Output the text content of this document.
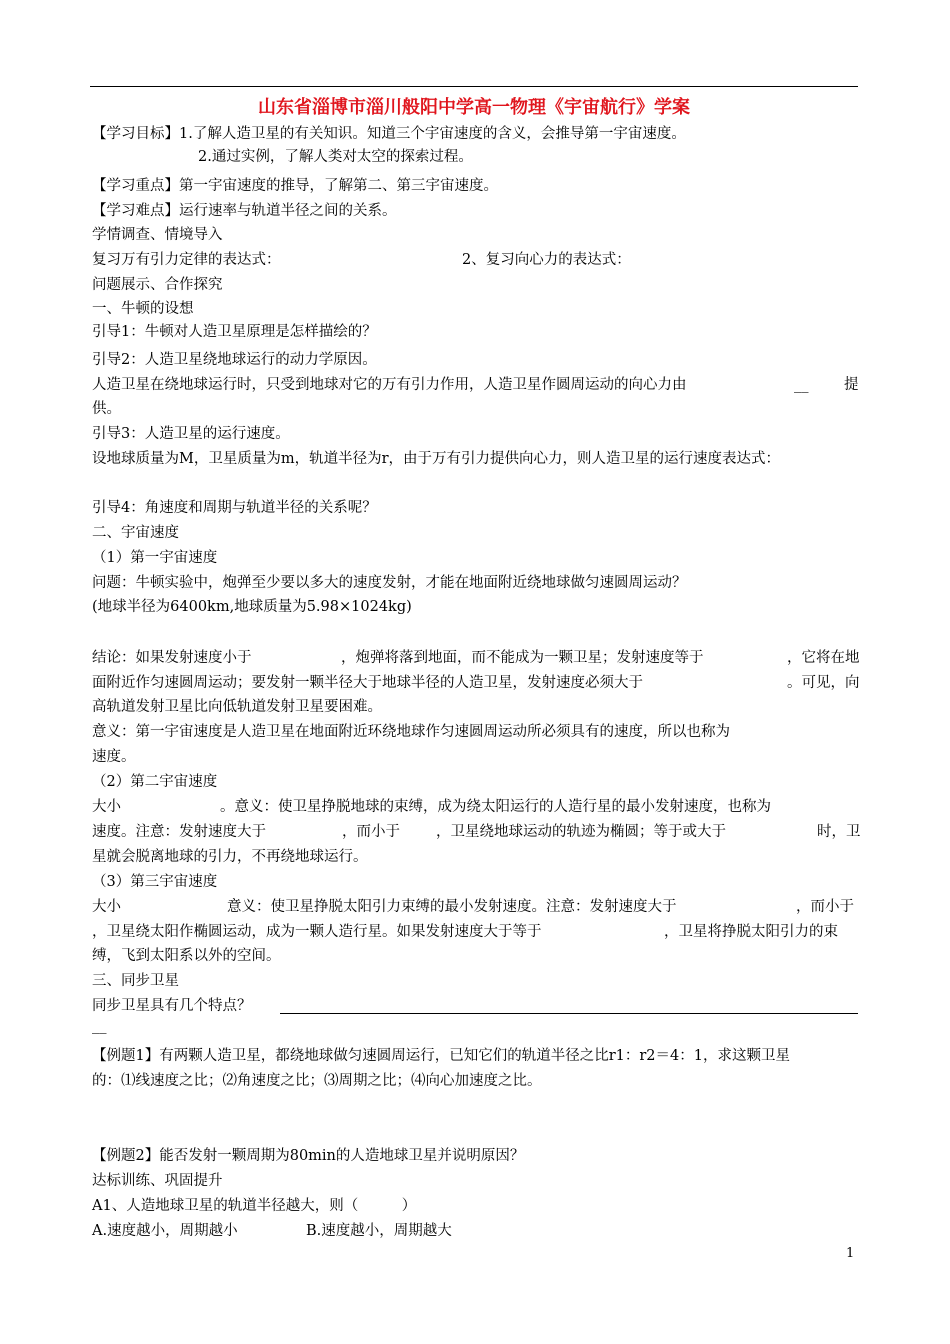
山东省淄博市淄川般阳中学高一物理《宇宙航行》学案
【学习目标】1.了解人造卫星的有关知识。知道三个宇宙速度的含义，会推导第一宇宙速度。
2.通过实例，了解人类对太空的探索过程。
【学习重点】第一宇宙速度的推导，了解第二、第三宇宙速度。
【学习难点】运行速率与轨道半径之间的关系。
学情调查、情境导入
复习万有引力定律的表达式：	2、复习向心力的表达式：
问题展示、合作探究
一、牛顿的设想
引导1：牛顿对人造卫星原理是怎样描绘的？
引导2：人造卫星绕地球运行的动力学原因。
人造卫星在绕地球运行时，只受到地球对它的万有引力作用，人造卫星作圆周运动的向心力由	__ 提
供。
引导3：人造卫星的运行速度。
设地球质量为M，卫星质量为m，轨道半径为r，由于万有引力提供向心力，则人造卫星的运行速度表达式：
引导4：角速度和周期与轨道半径的关系呢？
二、宇宙速度
（1）第一宇宙速度
问题：牛顿实验中，炮弹至少要以多大的速度发射，才能在地面附近绕地球做匀速圆周运动？
(地球半径为6400km,地球质量为5.98×1024kg)
结论：如果发射速度小于	，炮弹将落到地面，而不能成为一颗卫星；发射速度等于	，它将在地
面附近作匀速圆周运动；要发射一颗半径大于地球半径的人造卫星，发射速度必须大于	。可见，向
高轨道发射卫星比向低轨道发射卫星要困难。
意义：第一宇宙速度是人造卫星在地面附近环绕地球作匀速圆周运动所必须具有的速度，所以也称为
速度。
（2）第二宇宙速度
大小	。意义：使卫星挣脱地球的束缚，成为绕太阳运行的人造行星的最小发射速度，也称为
速度。注意：发射速度大于	，而小于 ，卫星绕地球运动的轨迹为椭圆；等于或大于	时，卫
星就会脱离地球的引力，不再绕地球运行。
（3）第三宇宙速度
大小	意义：使卫星挣脱太阳引力束缚的最小发射速度。注意：发射速度大于	，而小于
，卫星绕太阳作椭圆运动，成为一颗人造行星。如果发射速度大于等于	，卫星将挣脱太阳引力的束
缚，飞到太阳系以外的空间。
三、同步卫星
同步卫星具有几个特点？
__
【例题1】有两颗人造卫星，都绕地球做匀速圆周运行，已知它们的轨道半径之比r1：r2＝4：1，求这颗卫星
的：⑴线速度之比；⑵角速度之比；⑶周期之比；⑷向心加速度之比。
【例题2】能否发射一颗周期为80min的人造地球卫星并说明原因？
达标训练、巩固提升
A1、人造地球卫星的轨道半径越大，则（　　　）
A.速度越小，周期越小	B.速度越小，周期越大
1
